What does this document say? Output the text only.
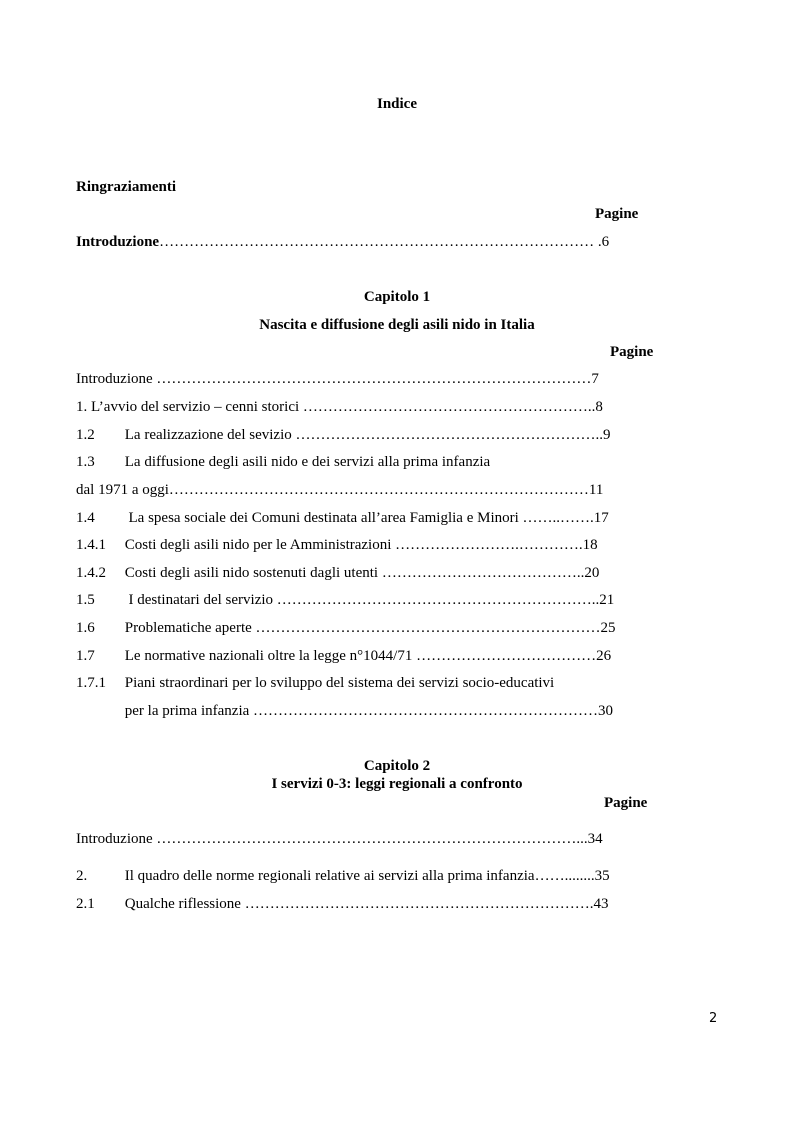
Indice
Ringraziamenti
Pagine
Introduzione…………………………………………………………………………… .6
Capitolo 1
Nascita e diffusione degli asili nido in Italia
Pagine
Introduzione ……………………………………………………………………………7
1. L’avvio del servizio – cenni storici …………………………………………………..8
1.2        La realizzazione del sevizio ……………………………………………………..9
1.3        La diffusione degli asili nido e dei servizi alla prima infanzia
dal 1971 a oggi…………………………………………………………………………11
1.4         La spesa sociale dei Comuni destinata all’area Famiglia e Minori ……..…….17
1.4.1     Costi degli asili nido per le Amministrazioni …………………….………….18
1.4.2     Costi degli asili nido sostenuti dagli utenti …………………………………..20
1.5         I destinatari del servizio ………………………………………………………..21
1.6        Problematiche aperte ……………………………………………………………25
1.7        Le normative nazionali oltre la legge n°1044/71 ………………………………26
1.7.1     Piani straordinari per lo sviluppo del sistema dei servizi socio-educativi
per la prima infanzia ……………………………………………………………30
Capitolo 2
I servizi 0-3: leggi regionali a confronto
Pagine
Introduzione …………………………………………………………………………...34
2.          Il quadro delle norme regionali relative ai servizi alla prima infanzia……........35
2.1        Qualche riflessione …………………………………………………………….43
2
